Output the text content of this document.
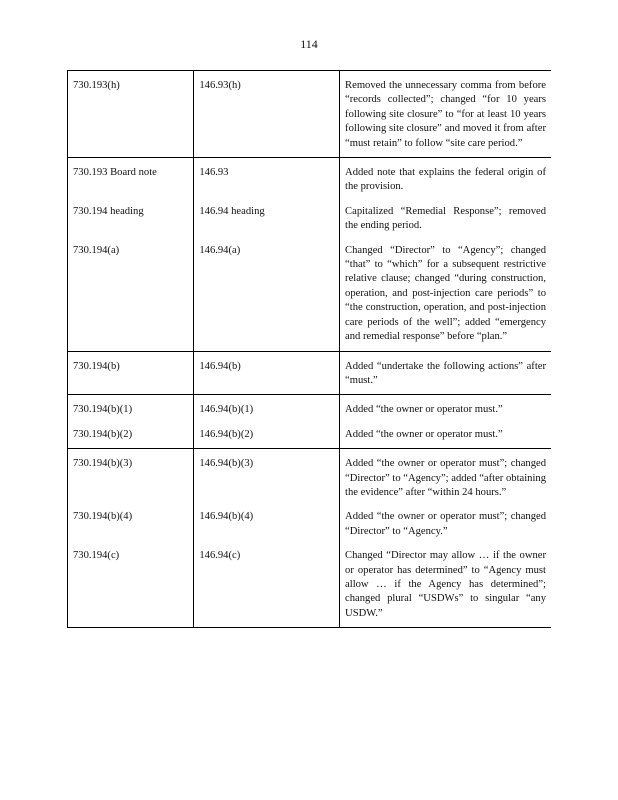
114
730.193(h)	146.93(h)	Removed the unnecessary comma from before “records collected”; changed “for 10 years following site closure” to “for at least 10 years following site closure” and moved it from after “must retain” to follow “site care period.”
730.193 Board note	146.93	Added note that explains the federal origin of the provision.
730.194 heading	146.94 heading	Capitalized “Remedial Response”; removed the ending period.
730.194(a)	146.94(a)	Changed “Director” to “Agency”; changed “that” to “which” for a subsequent restrictive relative clause; changed “during construction, operation, and post-injection care periods” to “the construction, operation, and post-injection care periods of the well”; added “emergency and remedial response” before “plan.”
730.194(b)	146.94(b)	Added “undertake the following actions” after “must.”
730.194(b)(1)	146.94(b)(1)	Added “the owner or operator must.”
730.194(b)(2)	146.94(b)(2)	Added “the owner or operator must.”
730.194(b)(3)	146.94(b)(3)	Added “the owner or operator must”; changed “Director” to “Agency”; added “after obtaining the evidence” after “within 24 hours.”
730.194(b)(4)	146.94(b)(4)	Added “the owner or operator must”; changed “Director” to “Agency.”
730.194(c)	146.94(c)	Changed “Director may allow … if the owner or operator has determined” to “Agency must allow … if the Agency has determined”; changed plural “USDWs” to singular “any USDW.”
